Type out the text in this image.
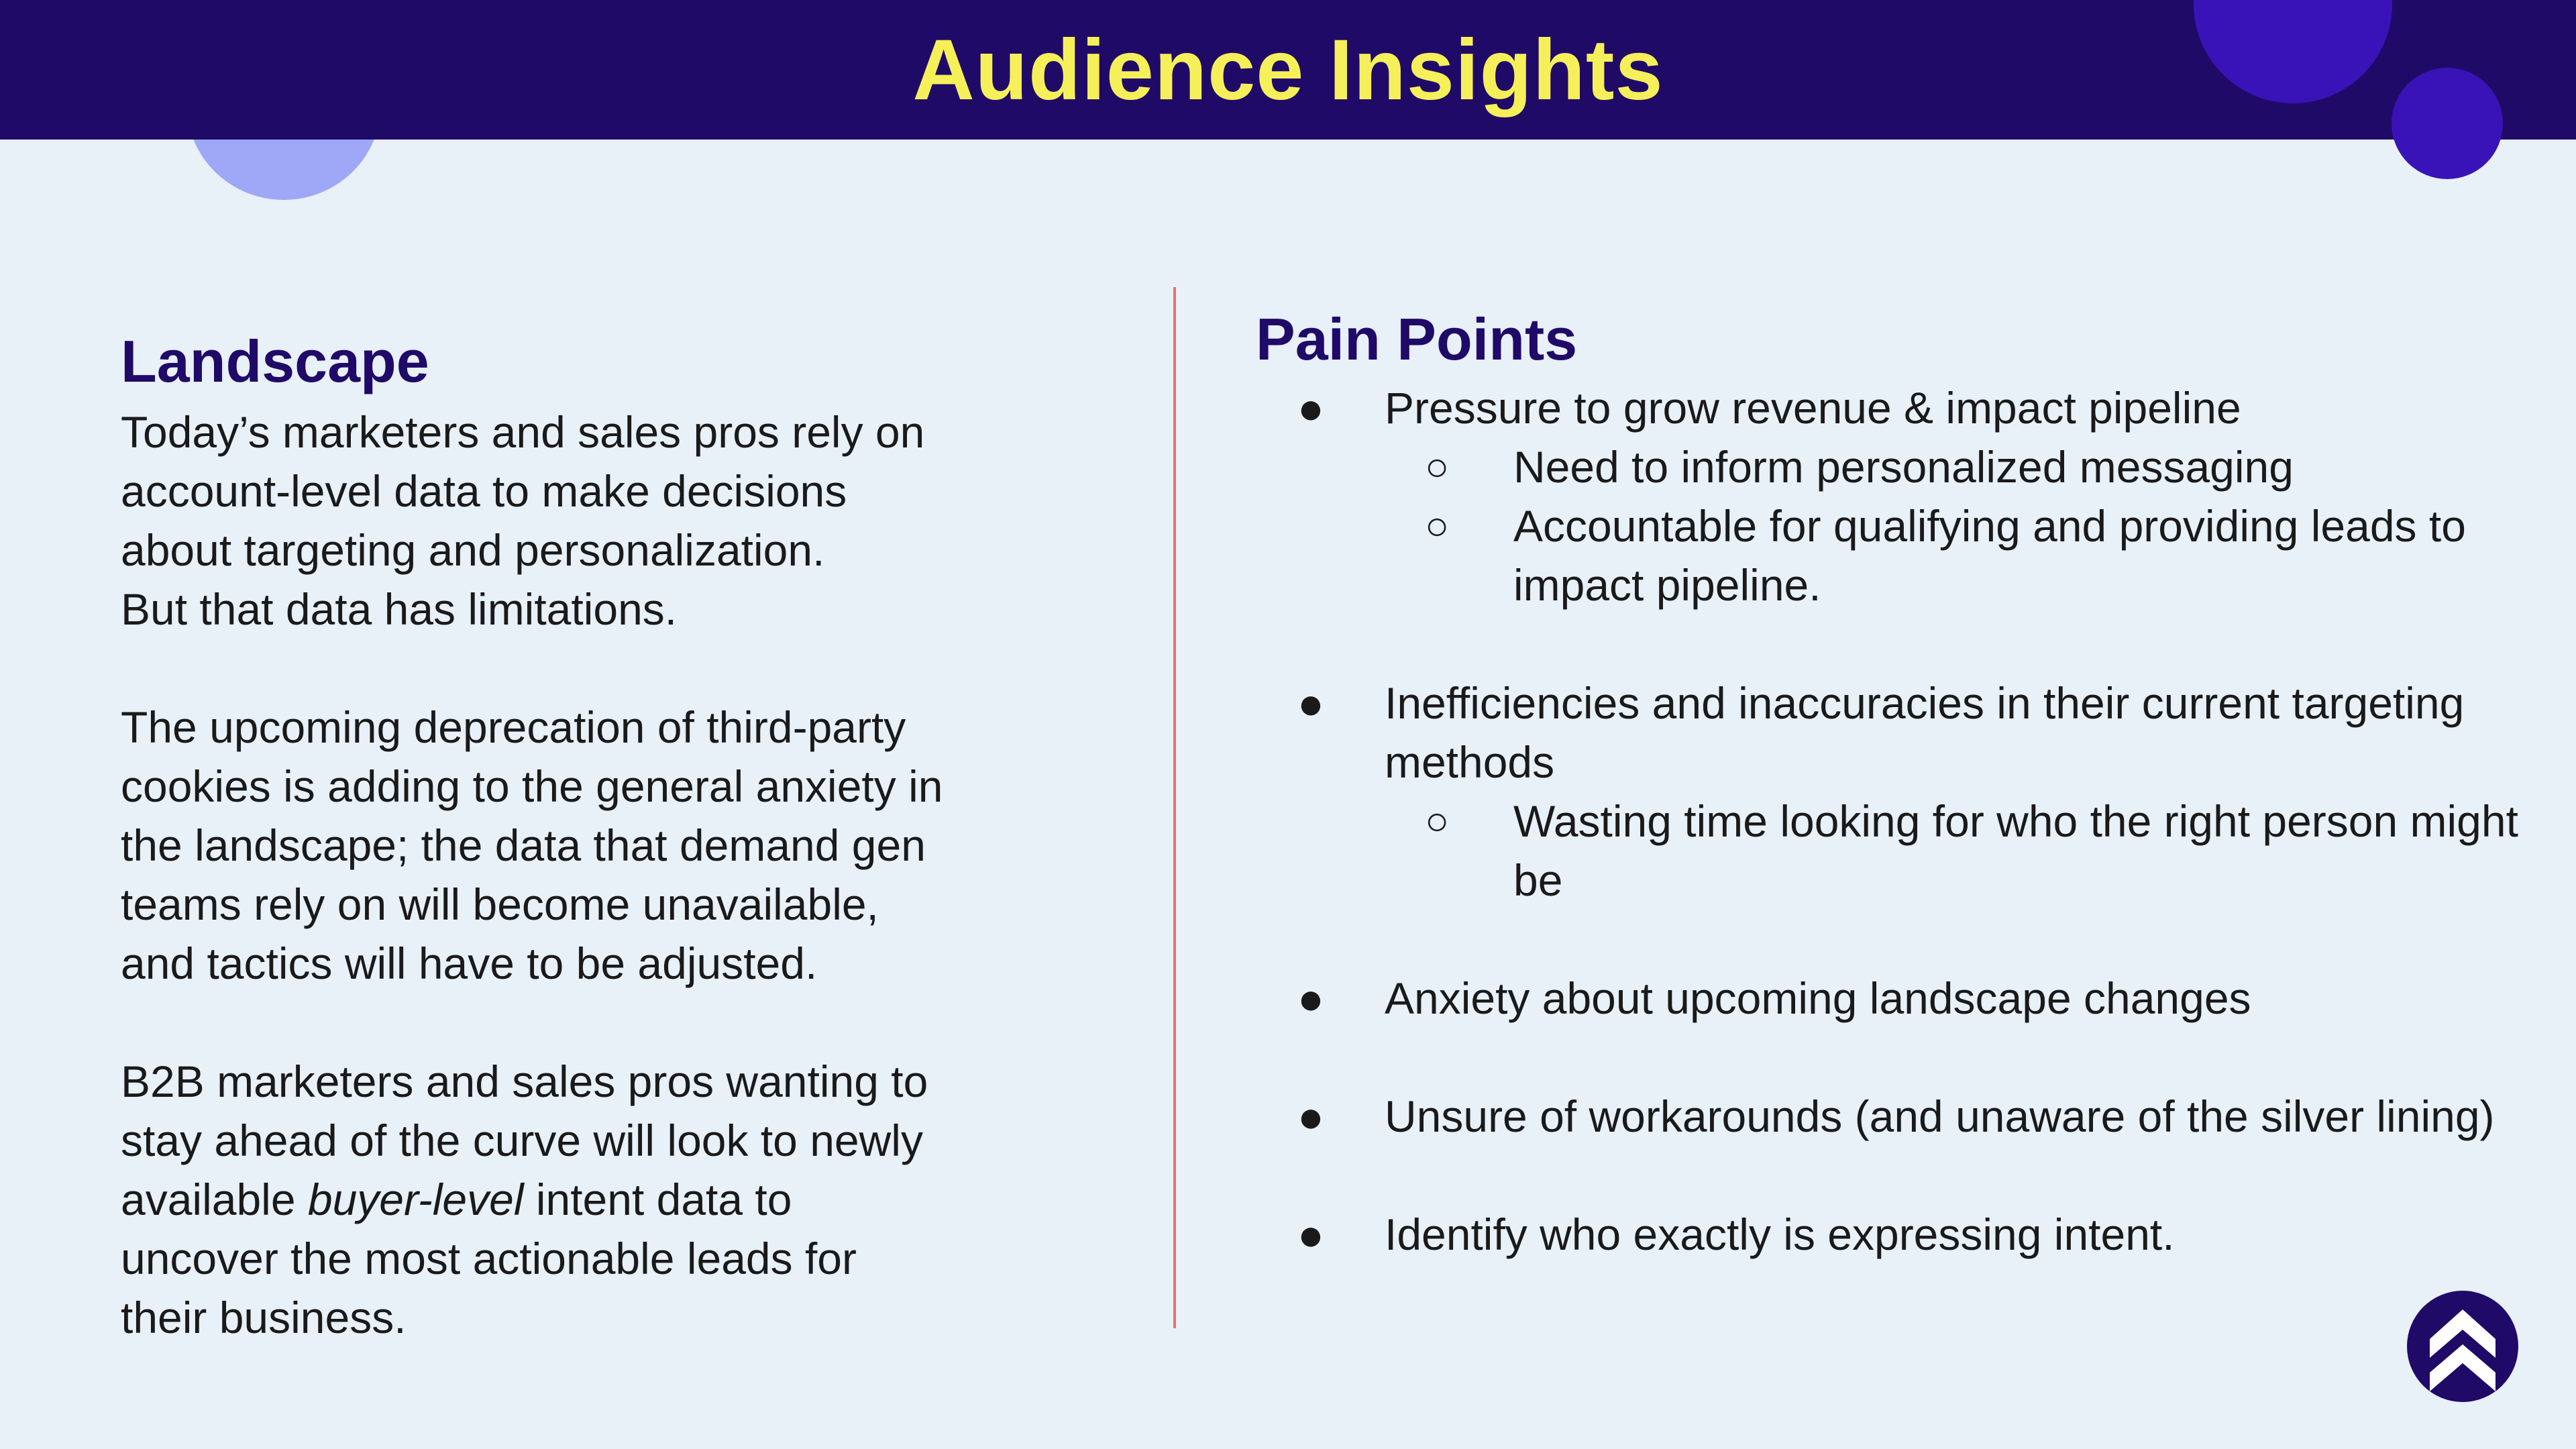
Audience Insights
Landscape

Today’s marketers and sales pros rely on
account-level data to make decisions
about targeting and personalization.
But that data has limitations.

The upcoming deprecation of third-party
cookies is adding to the general anxiety in
the landscape; the data that demand gen
teams rely on will become unavailable,
and tactics will have to be adjusted.

B2B marketers and sales pros wanting to
stay ahead of the curve will look to newly
available buyer-level intent data to
uncover the most actionable leads for
their business.

Pain Points
● Pressure to grow revenue & impact pipeline
○ Need to inform personalized messaging
○ Accountable for qualifying and providing leads to impact pipeline.
● Inefficiencies and inaccuracies in their current targeting methods
○ Wasting time looking for who the right person might be
● Anxiety about upcoming landscape changes
● Unsure of workarounds (and unaware of the silver lining)
● Identify who exactly is expressing intent.
